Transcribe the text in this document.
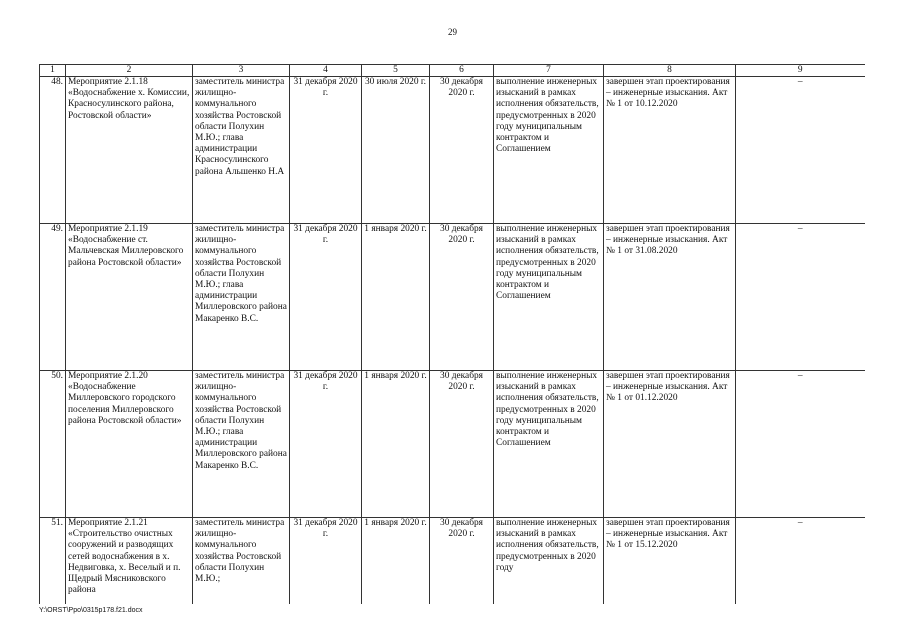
29
1	2	3	4	5	6	7	8	9
48.	Мероприятие 2.1.18 «Водоснабжение х. Комиссии, Красносулинского района, Ростовской области»	заместитель министра жилищно-коммунального хозяйства Ростовской области Полухин М.Ю.; глава администрации Красносулинского района Альшенко Н.А	31 декабря 2020 г.	30 июля 2020 г.	30 декабря 2020 г.	выполнение инженерных изысканий в рамках исполнения обязательств, предусмотренных в 2020 году муниципальным контрактом и Соглашением	завершен этап проектирования – инженерные изыскания. Акт № 1 от 10.12.2020	–
49.	Мероприятие 2.1.19 «Водоснабжение ст. Мальчевская Миллеровского района Ростовской области»	заместитель министра жилищно-коммунального хозяйства Ростовской области Полухин М.Ю.; глава администрации Миллеровского района Макаренко В.С.	31 декабря 2020 г.	1 января 2020 г.	30 декабря 2020 г.	выполнение инженерных изысканий в рамках исполнения обязательств, предусмотренных в 2020 году муниципальным контрактом и Соглашением	завершен этап проектирования – инженерные изыскания. Акт № 1 от 31.08.2020	–
50.	Мероприятие 2.1.20 «Водоснабжение Миллеровского городского поселения Миллеровского района Ростовской области»	заместитель министра жилищно-коммунального хозяйства Ростовской области Полухин М.Ю.; глава администрации Миллеровского района Макаренко В.С.	31 декабря 2020 г.	1 января 2020 г.	30 декабря 2020 г.	выполнение инженерных изысканий в рамках исполнения обязательств, предусмотренных в 2020 году муниципальным контрактом и Соглашением	завершен этап проектирования – инженерные изыскания. Акт № 1 от 01.12.2020	–
51.	Мероприятие 2.1.21 «Строительство очистных сооружений и разводящих сетей водоснабжения в х. Недвиговка, х. Веселый и п. Щедрый Мясниковского района	заместитель министра жилищно-коммунального хозяйства Ростовской области Полухин М.Ю.;	31 декабря 2020 г.	1 января 2020 г.	30 декабря 2020 г.	выполнение инженерных изысканий в рамках исполнения обязательств, предусмотренных в 2020 году	завершен этап проектирования – инженерные изыскания. Акт № 1 от 15.12.2020	–
Y:\ORST\Ppo\0315p178.f21.docx
